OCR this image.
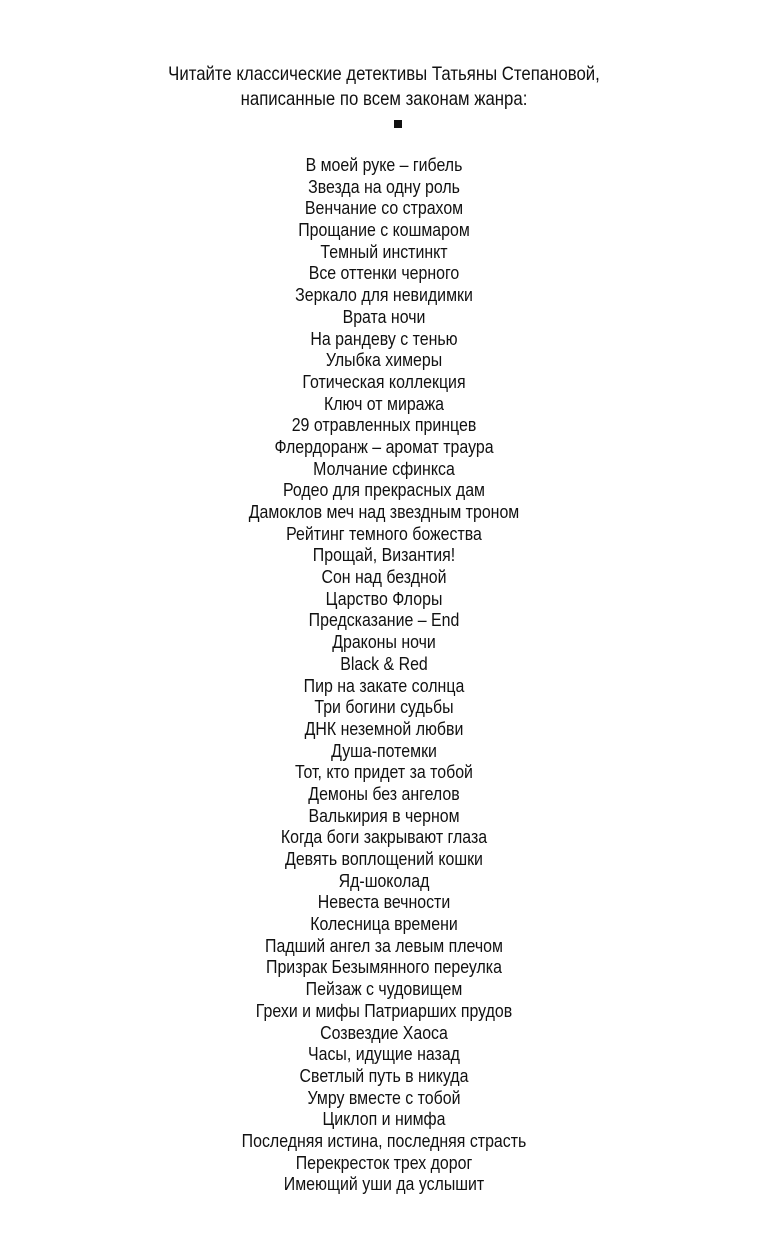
Читайте классические детективы Татьяны Степановой,
написанные по всем законам жанра:
В моей руке – гибель
Звезда на одну роль
Венчание со страхом
Прощание с кошмаром
Темный инстинкт
Все оттенки черного
Зеркало для невидимки
Врата ночи
На рандеву с тенью
Улыбка химеры
Готическая коллекция
Ключ от миража
29 отравленных принцев
Флердоранж – аромат траура
Молчание сфинкса
Родео для прекрасных дам
Дамоклов меч над звездным троном
Рейтинг темного божества
Прощай, Византия!
Сон над бездной
Царство Флоры
Предсказание – End
Драконы ночи
Black & Red
Пир на закате солнца
Три богини судьбы
ДНК неземной любви
Душа-потемки
Тот, кто придет за тобой
Демоны без ангелов
Валькирия в черном
Когда боги закрывают глаза
Девять воплощений кошки
Яд-шоколад
Невеста вечности
Колесница времени
Падший ангел за левым плечом
Призрак Безымянного переулка
Пейзаж с чудовищем
Грехи и мифы Патриарших прудов
Созвездие Хаоса
Часы, идущие назад
Светлый путь в никуда
Умру вместе с тобой
Циклоп и нимфа
Последняя истина, последняя страсть
Перекресток трех дорог
Имеющий уши да услышит
